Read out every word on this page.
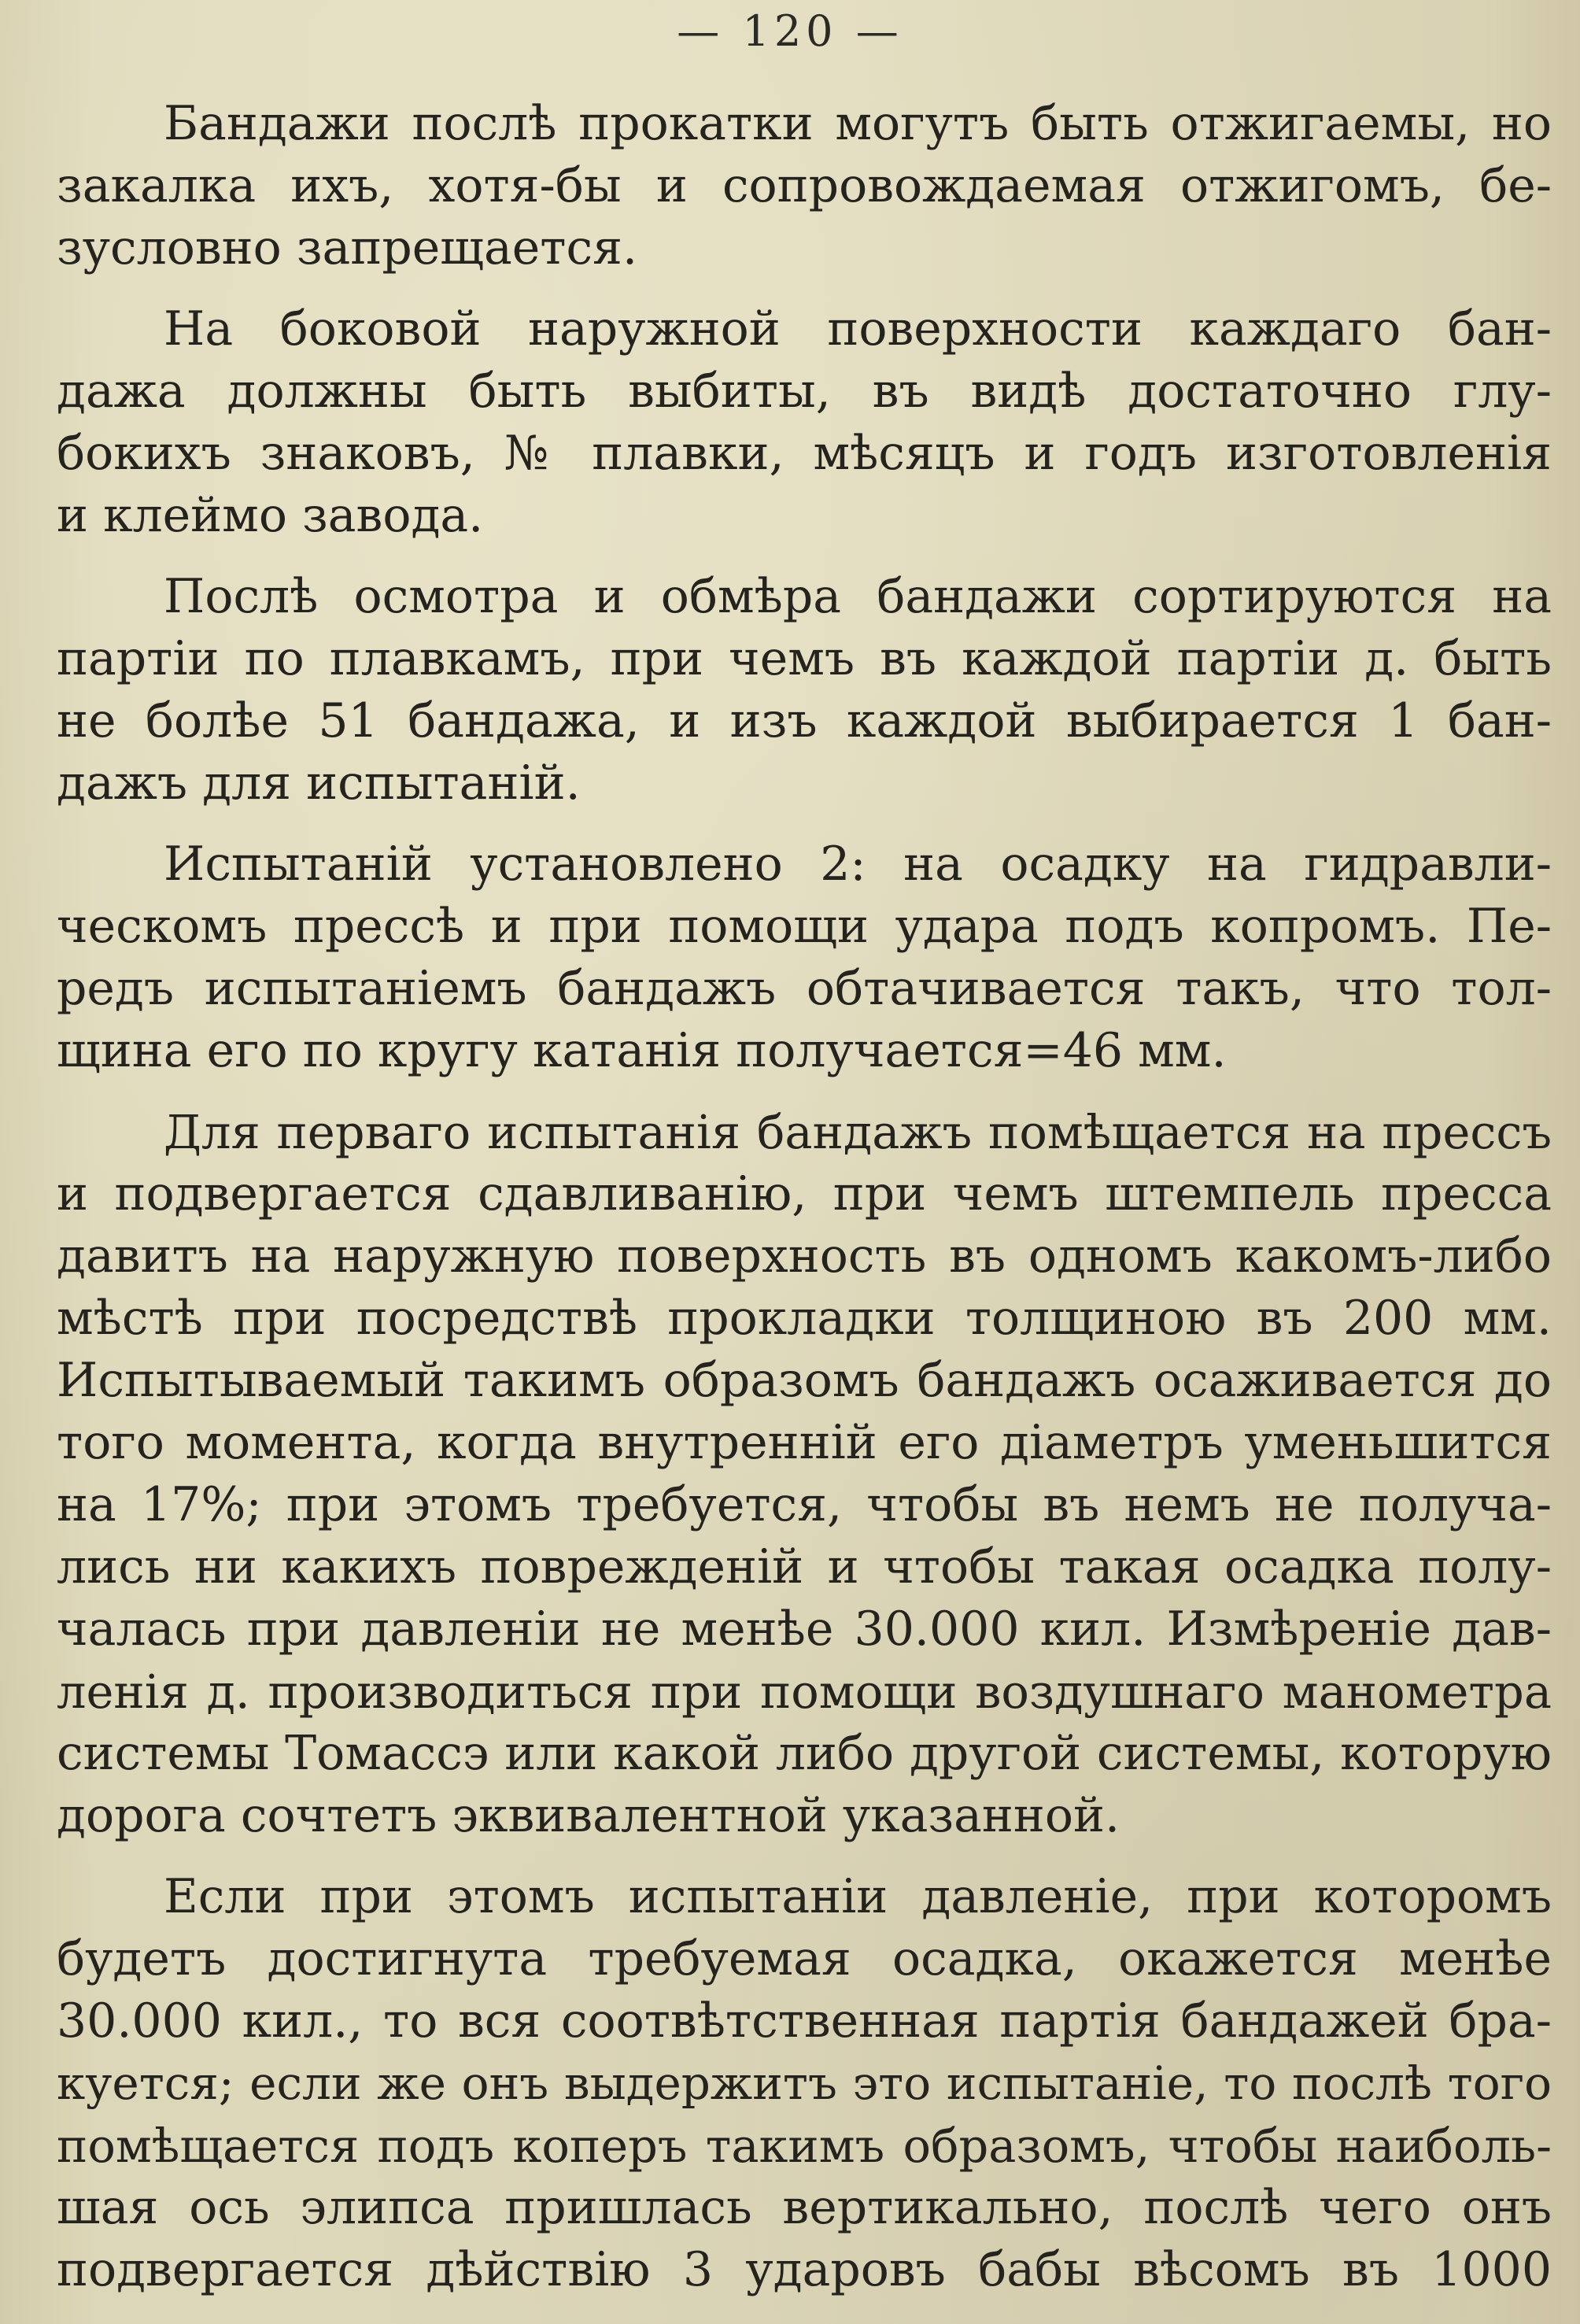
— 120 —
Бандажи послѣ прокатки могутъ быть отжигаемы, но
закалка ихъ, хотя-бы и сопровождаемая отжигомъ, бе-
зусловно запрещается.
На боковой наружной поверхности каждаго бан-
дажа должны быть выбиты, въ видѣ достаточно глу-
бокихъ знаковъ, № плавки, мѣсяцъ и годъ изготовленія
и клеймо завода.
Послѣ осмотра и обмѣра бандажи сортируются на
партіи по плавкамъ, при чемъ въ каждой партіи д. быть
не болѣе 51 бандажа, и изъ каждой выбирается 1 бан-
дажъ для испытаній.
Испытаній установлено 2: на осадку на гидравли-
ческомъ прессѣ и при помощи удара подъ копромъ. Пе-
редъ испытаніемъ бандажъ обтачивается такъ, что тол-
щина его по кругу катанія получается=46 мм.
Для перваго испытанія бандажъ помѣщается на прессъ
и подвергается сдавливанію, при чемъ штемпель пресса
давитъ на наружную поверхность въ одномъ какомъ-либо
мѣстѣ при посредствѣ прокладки толщиною въ 200 мм.
Испытываемый такимъ образомъ бандажъ осаживается до
того момента, когда внутренній его діаметръ уменьшится
на 17%; при этомъ требуется, чтобы въ немъ не получа-
лись ни какихъ поврежденій и чтобы такая осадка полу-
чалась при давленіи не менѣе 30.000 кил. Измѣреніе дав-
ленія д. производиться при помощи воздушнаго манометра
системы Томассэ или какой либо другой системы, которую
дорога сочтетъ эквивалентной указанной.
Если при этомъ испытаніи давленіе, при которомъ
будетъ достигнута требуемая осадка, окажется менѣе
30.000 кил., то вся соотвѣтственная партія бандажей бра-
куется; если же онъ выдержитъ это испытаніе, то послѣ того
помѣщается подъ коперъ такимъ образомъ, чтобы наиболь-
шая ось элипса пришлась вертикально, послѣ чего онъ
подвергается дѣйствію 3 ударовъ бабы вѣсомъ въ 1000
